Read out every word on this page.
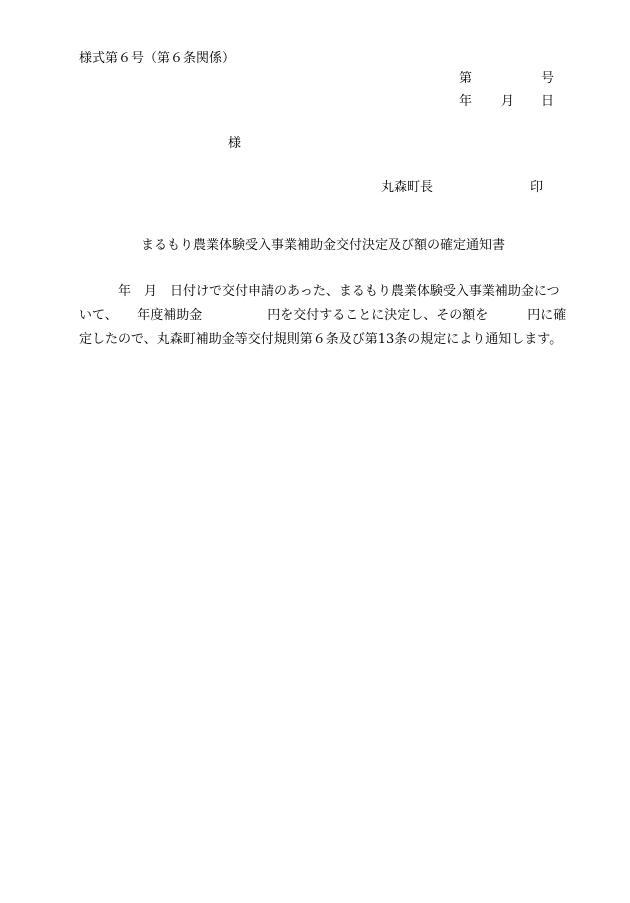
様式第６号（第６条関係）
第	号
年 月 日
様
丸森町長	印
まるもり農業体験受入事業補助金交付決定及び額の確定通知書
　　　年　月　日付けで交付申請のあった、まるもり農業体験受入事業補助金につ
いて、　　年度補助金　　　　　円を交付することに決定し、その額を　　　円に確
定したので、丸森町補助金等交付規則第６条及び第13条の規定により通知します。
